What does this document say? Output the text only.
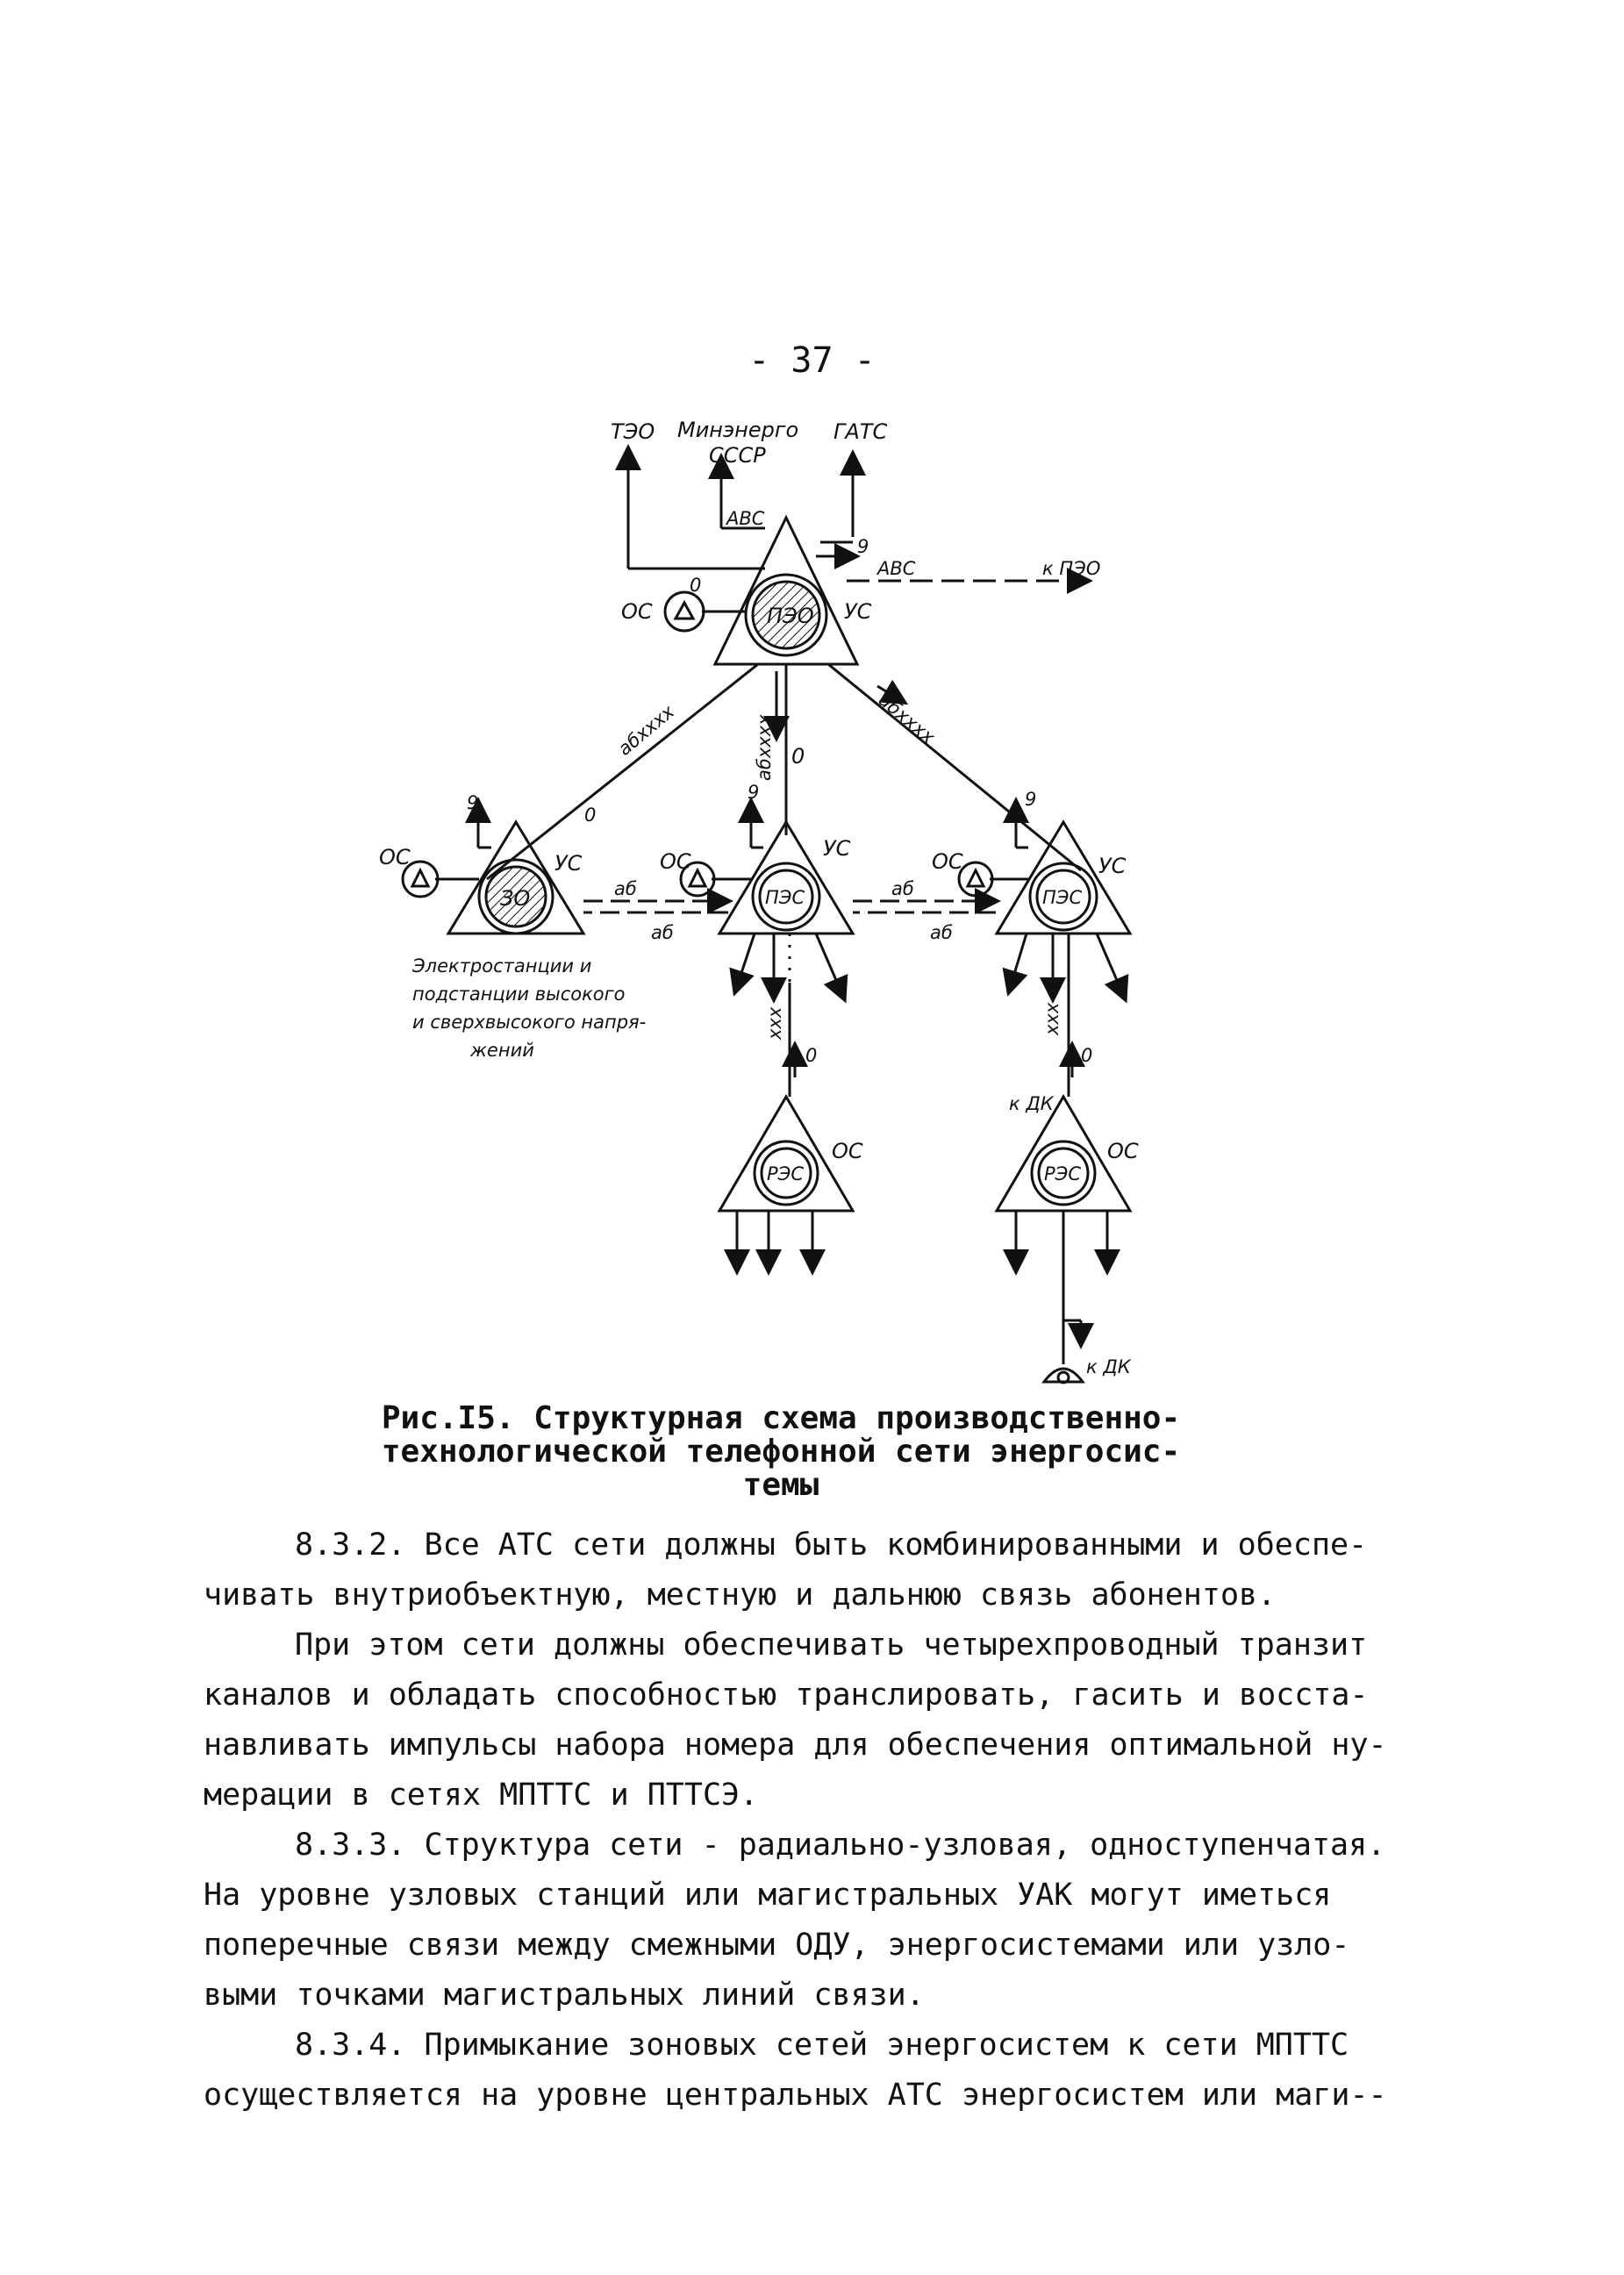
- 37 -
ТЭО Минэнерго
СССР
ГАТС
АВС
9
АВС	к ПЭО
0
ОС	УС
ПЭО
абхххх	абхххх 0
абхххх
9
0
ОС	УС
ЗО
9
ОС
УС
ПЭС
аб
аб
аб
аб
9
ОС	УС
ПЭС
Электростанции и
подстанции высокого
и сверхвысокого напря-
жений
ххх
0
ххх
0
к ДК
РЭС
ОС
РЭС
ОС
к ДК
Рис.I5. Структурная схема производственно-
технологической телефонной сети энергосис-
темы

8.3.2. Все АТС сети должны быть комбинированными и обеспе-

чивать внутриобъектную, местную и дальнюю связь абонентов.

При этом сети должны обеспечивать четырехпроводный транзит

каналов и обладать способностью транслировать, гасить и восста-
навливать импульсы набора номера для обеспечения оптимальной ну-
мерации в сетях МПТТС и ПТТСЭ.

8.3.3. Структура сети - радиально-узловая, одноступенчатая.

На уровне узловых станций или магистральных УАК могут иметься
поперечные связи между смежными ОДУ, энергосистемами или узло-
выми точками магистральных линий связи.

8.3.4. Примыкание зоновых сетей энергосистем к сети МПТТС

осуществляется на уровне центральных АТС энергосистем или маги--
